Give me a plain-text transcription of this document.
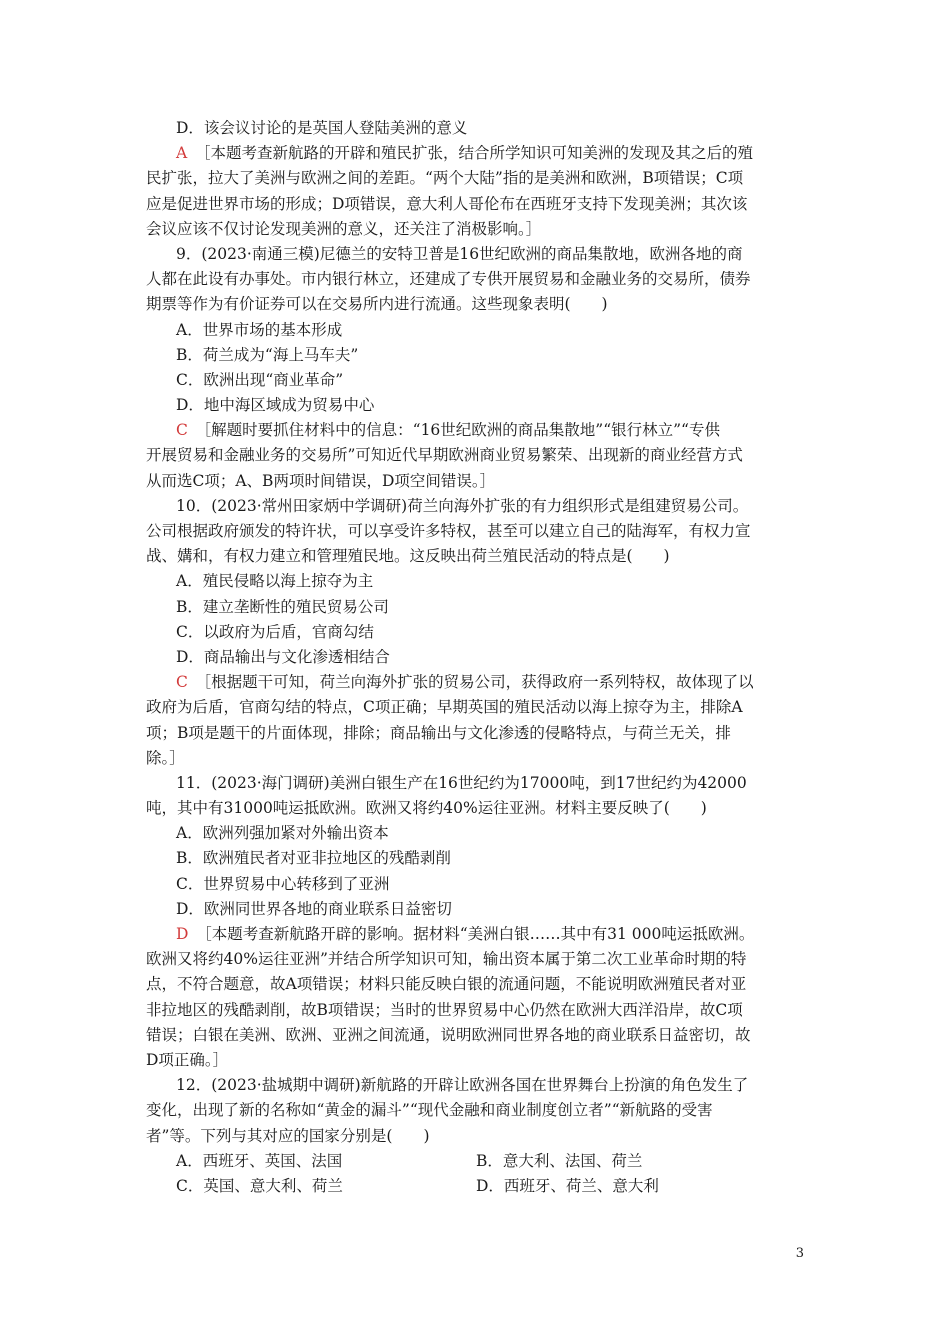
D．该会议讨论的是英国人登陆美洲的意义
A　 ［本题考查新航路的开辟和殖民扩张，结合所学知识可知美洲的发现及其之后的殖
民扩张，拉大了美洲与欧洲之间的差距。“两个大陆”指的是美洲和欧洲，B项错误；C项
应是促进世界市场的形成；D项错误，意大利人哥伦布在西班牙支持下发现美洲；其次该
会议应该不仅讨论发现美洲的意义，还关注了消极影响。］
9．(2023·南通三模)尼德兰的安特卫普是16世纪欧洲的商品集散地，欧洲各地的商
人都在此设有办事处。市内银行林立，还建成了专供开展贸易和金融业务的交易所，债券
期票等作为有价证券可以在交易所内进行流通。这些现象表明(　　)
A．世界市场的基本形成
B．荷兰成为“海上马车夫”
C．欧洲出现“商业革命”
D．地中海区域成为贸易中心
C　 ［解题时要抓住材料中的信息：“16世纪欧洲的商品集散地”“银行林立”“专供
开展贸易和金融业务的交易所”可知近代早期欧洲商业贸易繁荣、出现新的商业经营方式
从而选C项；A、B两项时间错误，D项空间错误。］
10．(2023·常州田家炳中学调研)荷兰向海外扩张的有力组织形式是组建贸易公司。
公司根据政府颁发的特许状，可以享受许多特权，甚至可以建立自己的陆海军，有权力宣
战、媾和，有权力建立和管理殖民地。这反映出荷兰殖民活动的特点是(　　)
A．殖民侵略以海上掠夺为主
B．建立垄断性的殖民贸易公司
C．以政府为后盾，官商勾结
D．商品输出与文化渗透相结合
C　 ［根据题干可知，荷兰向海外扩张的贸易公司，获得政府一系列特权，故体现了以
政府为后盾，官商勾结的特点，C项正确；早期英国的殖民活动以海上掠夺为主，排除A
项；B项是题干的片面体现，排除；商品输出与文化渗透的侵略特点，与荷兰无关，排
除。］
11．(2023·海门调研)美洲白银生产在16世纪约为17000吨，到17世纪约为42000
吨，其中有31000吨运抵欧洲。欧洲又将约40%运往亚洲。材料主要反映了(　　)
A．欧洲列强加紧对外输出资本
B．欧洲殖民者对亚非拉地区的残酷剥削
C．世界贸易中心转移到了亚洲
D．欧洲同世界各地的商业联系日益密切
D　 ［本题考查新航路开辟的影响。据材料“美洲白银……其中有31 000吨运抵欧洲。
欧洲又将约40%运往亚洲”并结合所学知识可知，输出资本属于第二次工业革命时期的特
点，不符合题意，故A项错误；材料只能反映白银的流通问题，不能说明欧洲殖民者对亚
非拉地区的残酷剥削，故B项错误；当时的世界贸易中心仍然在欧洲大西洋沿岸，故C项
错误；白银在美洲、欧洲、亚洲之间流通，说明欧洲同世界各地的商业联系日益密切，故
D项正确。］
12．(2023·盐城期中调研)新航路的开辟让欧洲各国在世界舞台上扮演的角色发生了
变化，出现了新的名称如“黄金的漏斗”“现代金融和商业制度创立者”“新航路的受害
者”等。下列与其对应的国家分别是(　　)
A．西班牙、英国、法国	B．意大利、法国、荷兰
C．英国、意大利、荷兰	D．西班牙、荷兰、意大利
3
